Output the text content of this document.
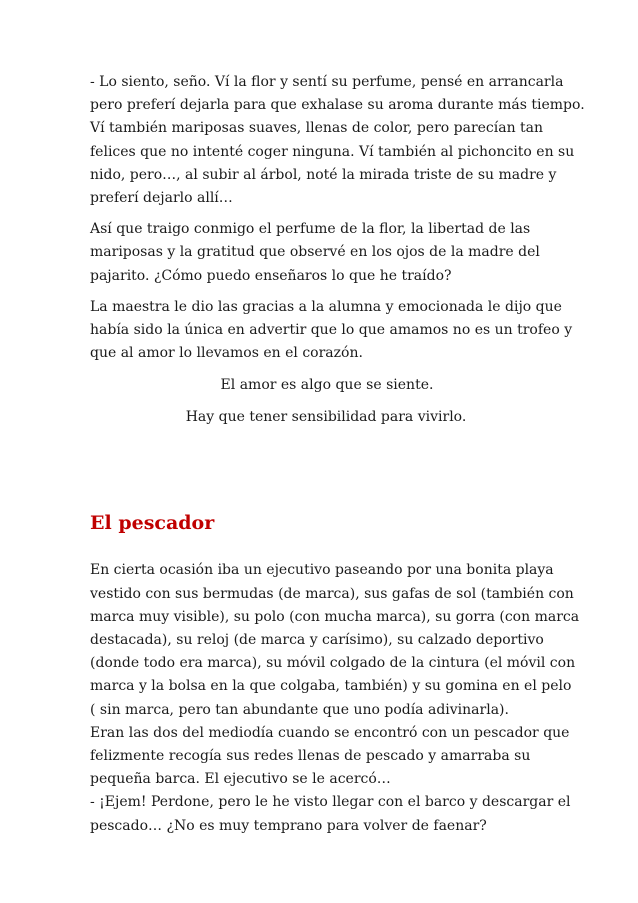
- Lo siento, seño. Ví la flor y sentí su perfume, pensé en arrancarla
pero preferí dejarla para que exhalase su aroma durante más tiempo.
Ví también mariposas suaves, llenas de color, pero parecían tan
felices que no intenté coger ninguna. Ví también al pichoncito en su
nido, pero…, al subir al árbol, noté la mirada triste de su madre y
preferí dejarlo allí…

Así que traigo conmigo el perfume de la flor, la libertad de las
mariposas y la gratitud que observé en los ojos de la madre del
pajarito. ¿Cómo puedo enseñaros lo que he traído?

La maestra le dio las gracias a la alumna y emocionada le dijo que
había sido la única en advertir que lo que amamos no es un trofeo y
que al amor lo llevamos en el corazón.

El amor es algo que se siente.

Hay que tener sensibilidad para vivirlo.

El pescador

En cierta ocasión iba un ejecutivo paseando por una bonita playa
vestido con sus bermudas (de marca), sus gafas de sol (también con
marca muy visible), su polo (con mucha marca), su gorra (con marca
destacada), su reloj (de marca y carísimo), su calzado deportivo
(donde todo era marca), su móvil colgado de la cintura (el móvil con
marca y la bolsa en la que colgaba, también) y su gomina en el pelo
( sin marca, pero tan abundante que uno podía adivinarla).
Eran las dos del mediodía cuando se encontró con un pescador que
felizmente recogía sus redes llenas de pescado y amarraba su
pequeña barca. El ejecutivo se le acercó…
- ¡Ejem! Perdone, pero le he visto llegar con el barco y descargar el
pescado… ¿No es muy temprano para volver de faenar?
